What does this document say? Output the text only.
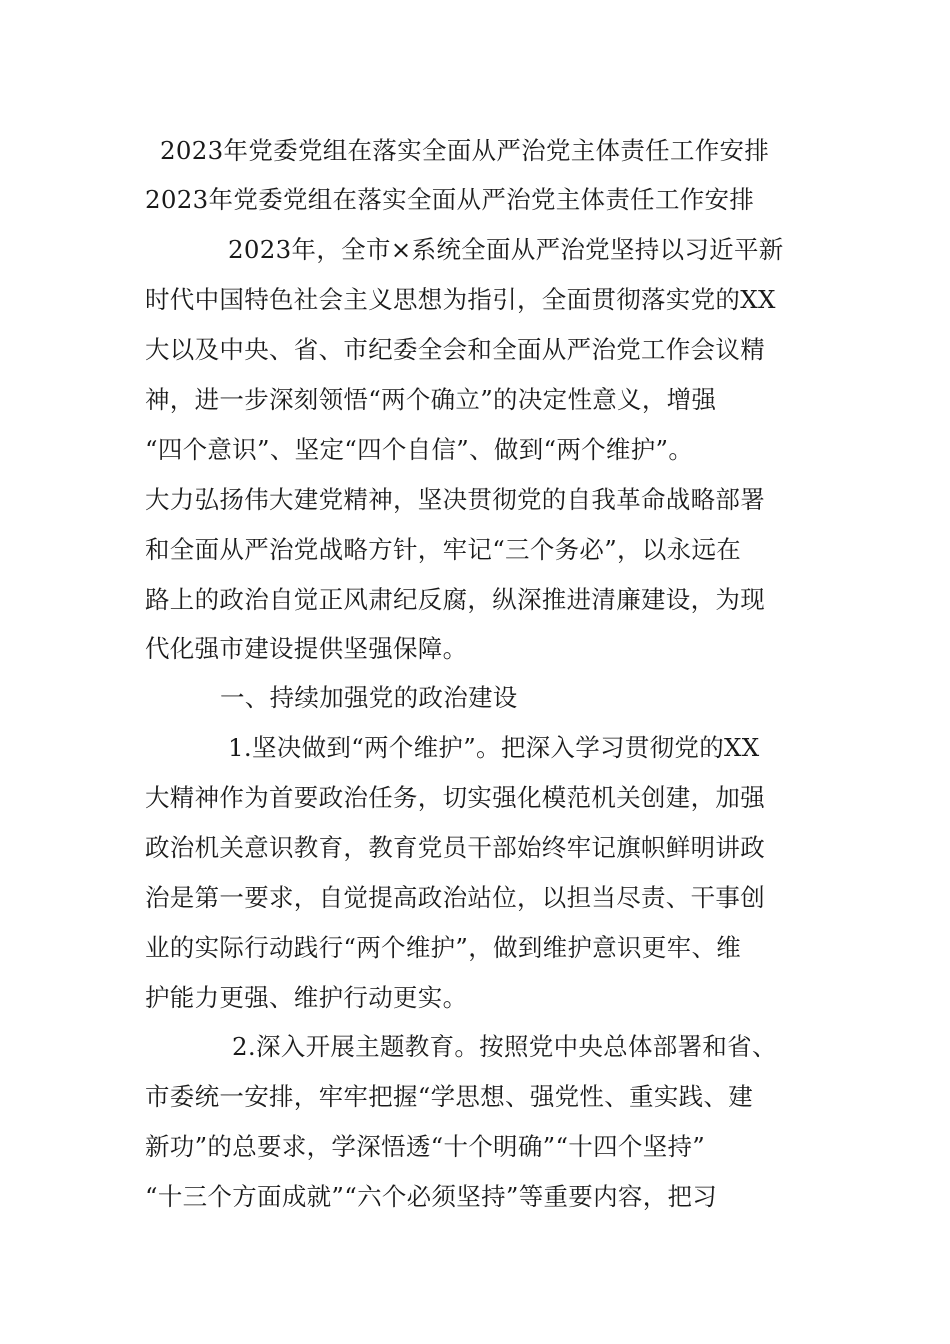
2023年党委党组在落实全面从严治党主体责任工作安排
2023年党委党组在落实全面从严治党主体责任工作安排
2023年，全市×系统全面从严治党坚持以习近平新
时代中国特色社会主义思想为指引，全面贯彻落实党的XX
大以及中央、省、市纪委全会和全面从严治党工作会议精
神，进一步深刻领悟“两个确立”的决定性意义，增强
“四个意识”、坚定“四个自信”、做到“两个维护”。
大力弘扬伟大建党精神，坚决贯彻党的自我革命战略部署
和全面从严治党战略方针，牢记“三个务必”，以永远在
路上的政治自觉正风肃纪反腐，纵深推进清廉建设，为现
代化强市建设提供坚强保障。
一、持续加强党的政治建设
1.坚决做到“两个维护”。把深入学习贯彻党的XX
大精神作为首要政治任务，切实强化模范机关创建，加强
政治机关意识教育，教育党员干部始终牢记旗帜鲜明讲政
治是第一要求，自觉提高政治站位，以担当尽责、干事创
业的实际行动践行“两个维护”，做到维护意识更牢、维
护能力更强、维护行动更实。
2.深入开展主题教育。按照党中央总体部署和省、
市委统一安排，牢牢把握“学思想、强党性、重实践、建
新功”的总要求，学深悟透“十个明确”“十四个坚持”
“十三个方面成就”“六个必须坚持”等重要内容，把习
